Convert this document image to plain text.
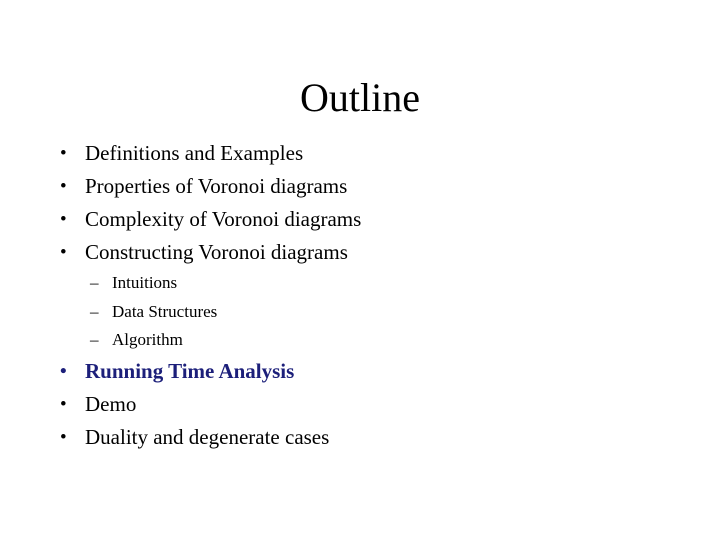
Outline
• Definitions and Examples
• Properties of Voronoi diagrams
• Complexity of Voronoi diagrams
• Constructing Voronoi diagrams
– Intuitions
– Data Structures
– Algorithm
• Running Time Analysis
• Demo
• Duality and degenerate cases
